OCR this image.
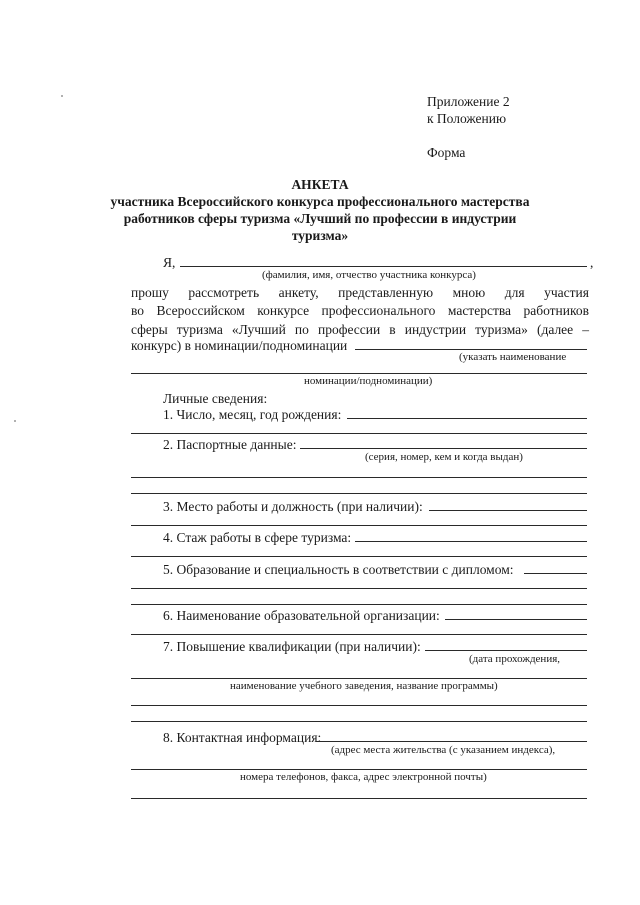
Приложение 2
к Положению
Форма
АНКЕТА
участника Всероссийского конкурса профессионального мастерства
работников сферы туризма «Лучший по профессии в индустрии
туризма»
Я,	,
(фамилия, имя, отчество участника конкурса)
прошу рассмотреть анкету, представленную мною для участия
во Всероссийском конкурсе профессионального мастерства работников
сферы туризма «Лучший по профессии в индустрии туризма» (далее –
конкурс) в номинации/подноминации
(указать наименование
номинации/подноминации)
Личные сведения:
1. Число, месяц, год рождения:
2. Паспортные данные:
(серия, номер, кем и когда выдан)
3. Место работы и должность (при наличии):
4. Стаж работы в сфере туризма:
5. Образование и специальность в соответствии с дипломом:
6. Наименование образовательной организации:
7. Повышение квалификации (при наличии):
(дата прохождения,
наименование учебного заведения, название программы)
8. Контактная информация:
(адрес места жительства (с указанием индекса),
номера телефонов, факса, адрес электронной почты)
